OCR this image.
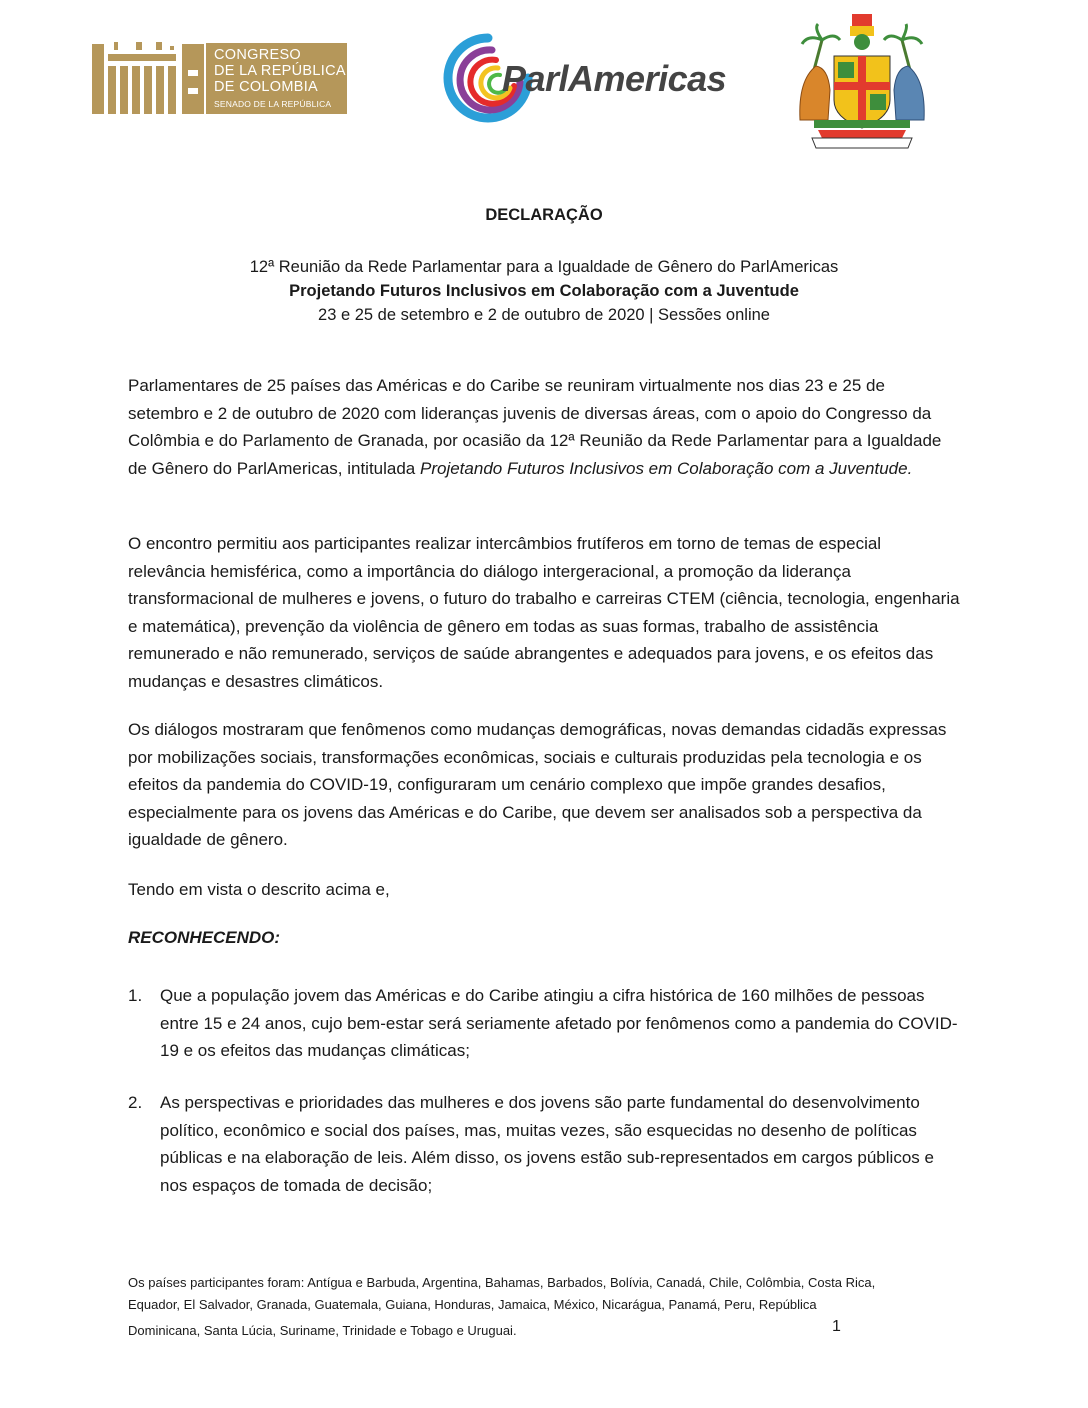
CONGRESO
DE LA REPÚBLICA
DE COLOMBIA
SENADO DE LA REPÚBLICA
ParlAmericas
DECLARAÇÃO
12ª Reunião da Rede Parlamentar para a Igualdade de Gênero do ParlAmericas
Projetando Futuros Inclusivos em Colaboração com a Juventude
23 e 25 de setembro e 2 de outubro de 2020 | Sessões online

Parlamentares de 25 países das Américas e do Caribe se reuniram virtualmente nos dias 23 e 25 de setembro e 2 de outubro de 2020 com lideranças juvenis de diversas áreas, com o apoio do Congresso da Colômbia e do Parlamento de Granada, por ocasião da 12ª Reunião da Rede Parlamentar para a Igualdade de Gênero do ParlAmericas, intitulada Projetando Futuros Inclusivos em Colaboração com a Juventude.

O encontro permitiu aos participantes realizar intercâmbios frutíferos em torno de temas de especial relevância hemisférica, como a importância do diálogo intergeracional, a promoção da liderança transformacional de mulheres e jovens, o futuro do trabalho e carreiras CTEM (ciência, tecnologia, engenharia e matemática), prevenção da violência de gênero em todas as suas formas, trabalho de assistência remunerado e não remunerado, serviços de saúde abrangentes e adequados para jovens, e os efeitos das mudanças e desastres climáticos.

Os diálogos mostraram que fenômenos como mudanças demográficas, novas demandas cidadãs expressas por mobilizações sociais, transformações econômicas, sociais e culturais produzidas pela tecnologia e os efeitos da pandemia do COVID-19, configuraram um cenário complexo que impõe grandes desafios, especialmente para os jovens das Américas e do Caribe, que devem ser analisados sob a perspectiva da igualdade de gênero.

Tendo em vista o descrito acima e,

RECONHECENDO:
1. Que a população jovem das Américas e do Caribe atingiu a cifra histórica de 160 milhões de pessoas entre 15 e 24 anos, cujo bem-estar será seriamente afetado por fenômenos como a pandemia do COVID-19 e os efeitos das mudanças climáticas;
2. As perspectivas e prioridades das mulheres e dos jovens são parte fundamental do desenvolvimento político, econômico e social dos países, mas, muitas vezes, são esquecidas no desenho de políticas públicas e na elaboração de leis. Além disso, os jovens estão sub-representados em cargos públicos e nos espaços de tomada de decisão;
Os países participantes foram: Antígua e Barbuda, Argentina, Bahamas, Barbados, Bolívia, Canadá, Chile, Colômbia, Costa Rica,
Equador, El Salvador, Granada, Guatemala, Guiana, Honduras, Jamaica, México, Nicarágua, Panamá, Peru, República
Dominicana, Santa Lúcia, Suriname, Trinidade e Tobago e Uruguai.	1
